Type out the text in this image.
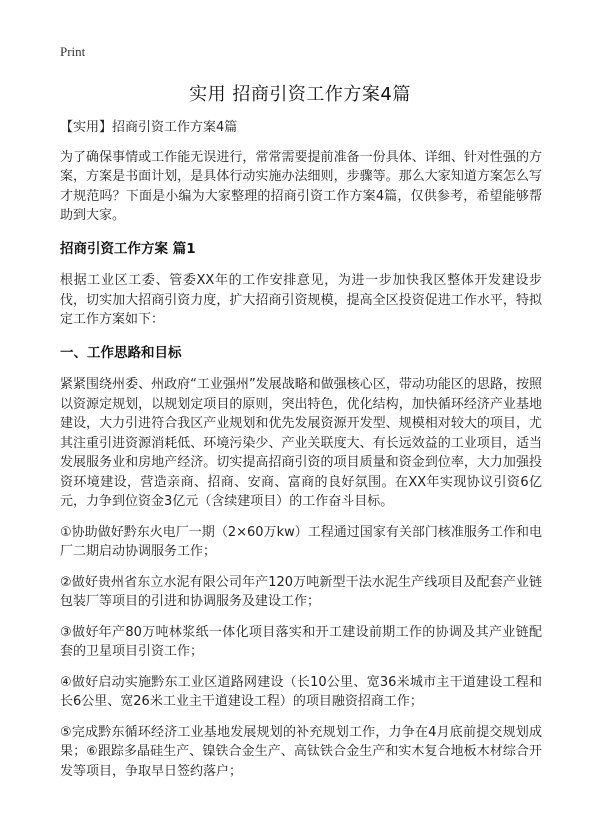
Print
实用 招商引资工作方案4篇

【实用】招商引资工作方案4篇

为了确保事情或工作能无误进行，常常需要提前准备一份具体、详细、针对性强的方案，方案是书面计划，是具体行动实施办法细则，步骤等。那么大家知道方案怎么写才规范吗？下面是小编为大家整理的招商引资工作方案4篇，仅供参考，希望能够帮助到大家。

招商引资工作方案 篇1

根据工业区工委、管委XX年的工作安排意见，为进一步加快我区整体开发建设步伐，切实加大招商引资力度，扩大招商引资规模，提高全区投资促进工作水平，特拟定工作方案如下：

一、工作思路和目标

紧紧围绕州委、州政府“工业强州”发展战略和做强核心区，带动功能区的思路，按照以资源定规划，以规划定项目的原则，突出特色，优化结构，加快循环经济产业基地建设，大力引进符合我区产业规划和优先发展资源开发型、规模相对较大的项目，尤其注重引进资源消耗低、环境污染少、产业关联度大、有长远效益的工业项目，适当发展服务业和房地产经济。切实提高招商引资的项目质量和资金到位率，大力加强投资环境建设，营造亲商、招商、安商、富商的良好氛围。在XX年实现协议引资6亿元，力争到位资金3亿元（含续建项目）的工作奋斗目标。

①协助做好黔东火电厂一期（2×60万kw）工程通过国家有关部门核准服务工作和电厂二期启动协调服务工作；

②做好贵州省东立水泥有限公司年产120万吨新型干法水泥生产线项目及配套产业链包装厂等项目的引进和协调服务及建设工作；

③做好年产80万吨林浆纸一体化项目落实和开工建设前期工作的协调及其产业链配套的卫星项目引资工作；

④做好启动实施黔东工业区道路网建设（长10公里、宽36米城市主干道建设工程和长6公里、宽26米工业主干道建设工程）的项目融资招商工作；

⑤完成黔东循环经济工业基地发展规划的补充规划工作，力争在4月底前提交规划成果；⑥跟踪多晶硅生产、镍铁合金生产、高钛铁合金生产和实木复合地板木材综合开发等项目，争取早日签约落户；
